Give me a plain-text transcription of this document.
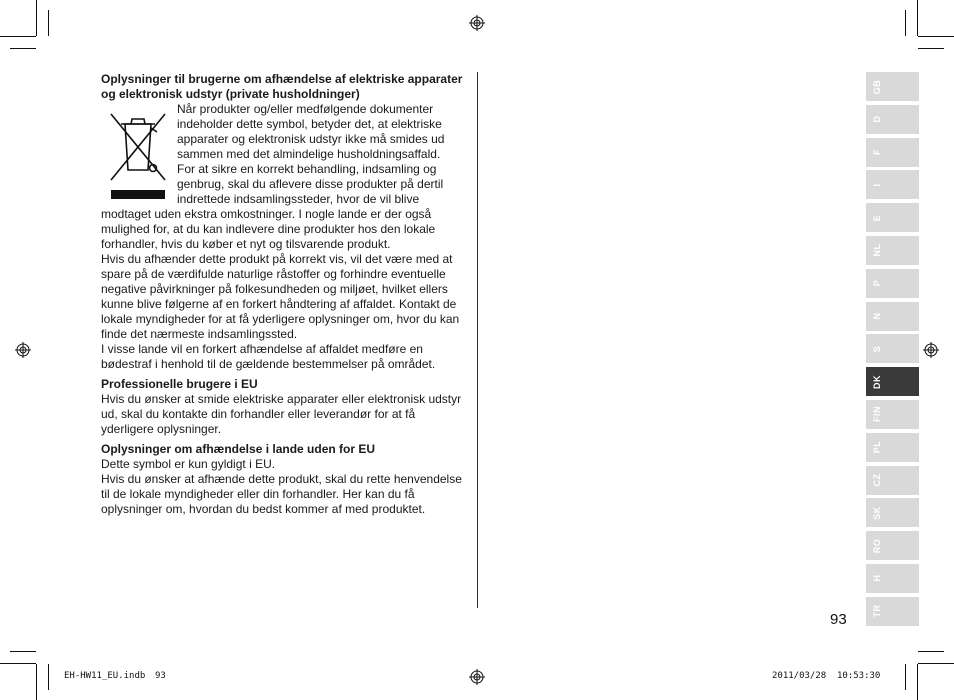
Oplysninger til brugerne om afhændelse af elektriske apparater og elektronisk udstyr (private husholdninger)

Når produkter og/eller medfølgende dokumenter indeholder dette symbol, betyder det, at elektriske apparater og elektronisk udstyr ikke må smides ud sammen med det almindelige husholdningsaffald.

For at sikre en korrekt behandling, indsamling og genbrug, skal du aflevere disse produkter på dertil indrettede indsamlingssteder, hvor de vil blive modtaget uden ekstra omkostninger. I nogle lande er der også mulighed for, at du kan indlevere dine produkter hos den lokale forhandler, hvis du køber et nyt og tilsvarende produkt.

Hvis du afhænder dette produkt på korrekt vis, vil det være med at spare på de værdifulde naturlige råstoffer og forhindre eventuelle negative påvirkninger på folkesundheden og miljøet, hvilket ellers kunne blive følgerne af en forkert håndtering af affaldet. Kontakt de lokale myndigheder for at få yderligere oplysninger om, hvor du kan finde det nærmeste indsamlingssted.

I visse lande vil en forkert afhændelse af affaldet medføre en bødestraf i henhold til de gældende bestemmelser på området.

Professionelle brugere i EU

Hvis du ønsker at smide elektriske apparater eller elektronisk udstyr ud, skal du kontakte din forhandler eller leverandør for at få yderligere oplysninger.

Oplysninger om afhændelse i lande uden for EU

Dette symbol er kun gyldigt i EU.

Hvis du ønsker at afhænde dette produkt, skal du rette henvendelse til de lokale myndigheder eller din forhandler. Her kan du få oplysninger om, hvordan du bedst kommer af med produktet.

GB
D
F
I
E
NL
P
N
S
DK
FIN
PL
CZ
SK
RO
H
TR
93
EH-HW11_EU.indb 93	2011/03/28 10:53:30
